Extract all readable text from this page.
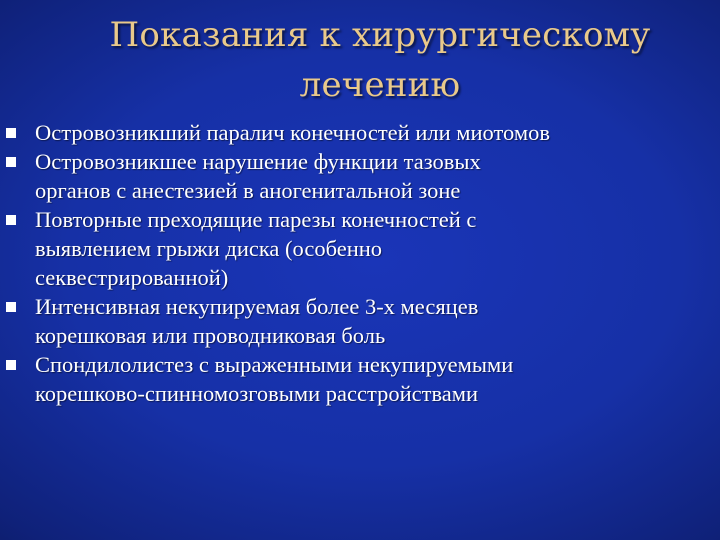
Показания к хирургическому
лечению
Островозникший паралич конечностей или миотомов
Островозникшее нарушение функции тазовых
органов с анестезией в аногенитальной зоне
Повторные преходящие парезы конечностей с
выявлением грыжи диска (особенно
секвестрированной)
Интенсивная некупируемая более 3-х месяцев
корешковая или проводниковая боль
Спондилолистез с выраженными некупируемыми
корешково-спинномозговыми расстройствами
